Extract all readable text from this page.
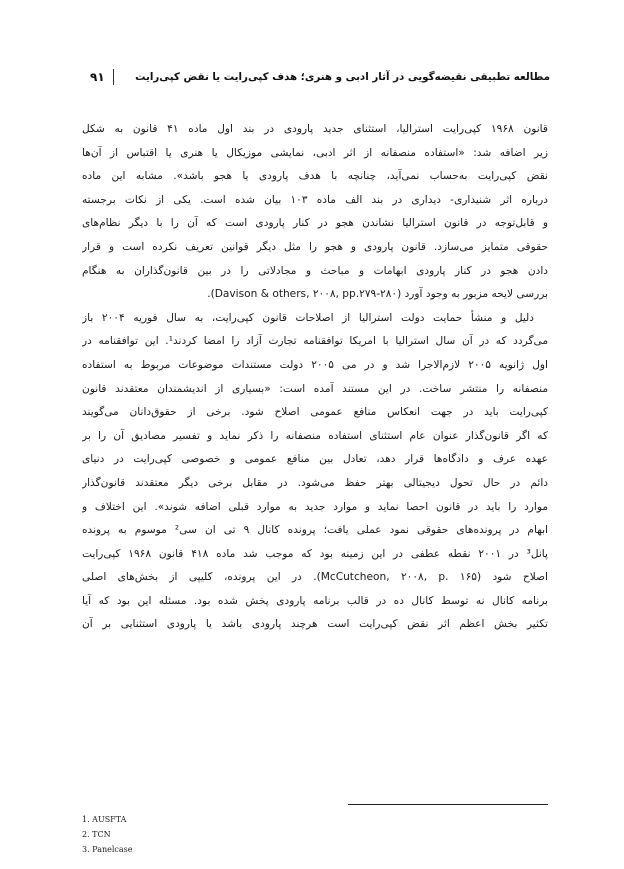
۹۱	مطالعه تطبیقی نقیضه‌گویی در آثار ادبی و هنری؛ هدف کپی‌رایت یا نقض کپی‌رایت
قانون ۱۹۶۸ کپی‌رایت استرالیا، استثنای جدید پارودی در بند اول ماده ۴۱ قانون به شکل
زیر اضافه شد: «استفاده منصفانه از اثر ادبی، نمایشی موزیکال یا هنری یا اقتباس از آن‌ها
نقض کپی‌رایت به‌حساب نمی‌آید، چنانچه با هدف پارودی یا هجو باشد». مشابه این ماده
درباره اثر شنیداری- دیداری در بند الف ماده ۱۰۳ بیان شده است. یکی از نکات برجسته
و قابل‌توجه در قانون استرالیا نشاندن هجو در کنار پارودی است که آن را با دیگر نظام‌های
حقوقی متمایز می‌سازد. قانون پارودی و هجو را مثل دیگر قوانین تعریف نکرده است و قرار
دادن هجو در کنار پارودی ابهامات و مباحث و مجادلاتی را در بین قانون‌گذاران به هنگام
بررسی لایحه مزبور به وجود آورد (Davison & others, ۲۰۰۸, pp.۲۷۹-۲۸۰).
دلیل و منشأ حمایت دولت استرالیا از اصلاحات قانون کپی‌رایت، به سال فوریه ۲۰۰۴ باز
می‌گردد که در آن سال استرالیا با امریکا توافقنامه تجارت آزاد را امضا کردند¹. این توافقنامه در
اول ژانویه ۲۰۰۵ لازم‌الاجرا شد و در می ۲۰۰۵ دولت مستندات موضوعات مربوط به استفاده
منصفانه را منتشر ساخت. در این مستند آمده است: «بسیاری از اندیشمندان معتقدند قانون
کپی‌رایت باید در جهت انعکاس منافع عمومی اصلاح شود. برخی از حقوق‌دانان می‌گویند
که اگر قانون‌گذار عنوان عام استثنای استفاده منصفانه را ذکر نماید و تفسیر مصادیق آن را بر
عهده عرف و دادگاه‌ها قرار دهد، تعادل بین منافع عمومی و خصوصی کپی‌رایت در دنیای
دائم در حال تحول دیجیتالی بهتر حفظ می‌شود. در مقابل برخی دیگر معتقدند قانون‌گذار
موارد را باید در قانون احصا نماید و موارد جدید به موارد قبلی اضافه شوند». این اختلاف و
ابهام در پرونده‌های حقوقی نمود عملی یافت؛ پرونده کانال ۹ تی ان سی² موسوم به پرونده
پانل³ در ۲۰۰۱ نقطه عطفی در این زمینه بود که موجب شد ماده ۴۱۸ قانون ۱۹۶۸ کپی‌رایت
اصلاح شود (McCutcheon, ۲۰۰۸, p. ۱۶۵). در این پرونده، کلیپی از بخش‌های اصلی
برنامه کانال نه توسط کانال ده در قالب برنامه پارودی پخش شده بود. مسئله این بود که آیا
تکثیر بخش اعظم اثر نقض کپی‌رایت است هرچند پارودی باشد یا پارودی استثنایی بر آن
1. AUSFTA
2. TCN
3. Panelcase
